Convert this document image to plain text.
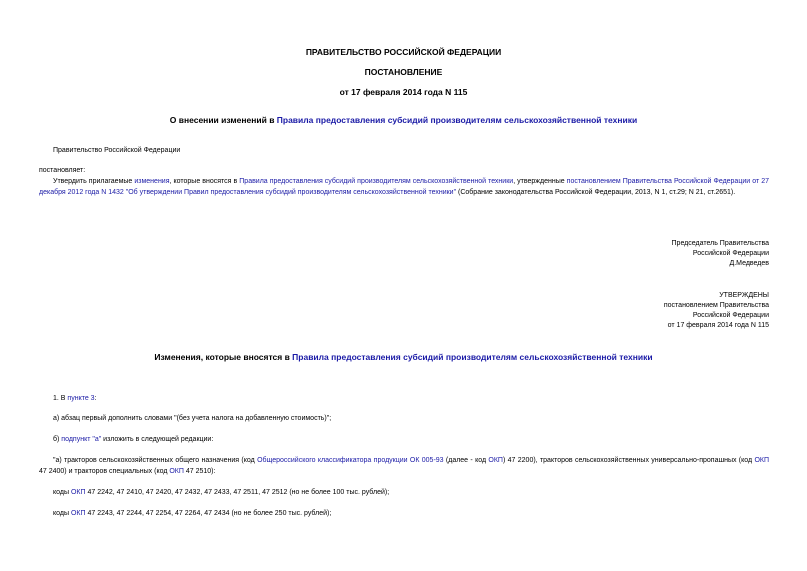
ПРАВИТЕЛЬСТВО РОССИЙСКОЙ ФЕДЕРАЦИИ
ПОСТАНОВЛЕНИЕ
от 17 февраля 2014 года N 115
О внесении изменений в Правила предоставления субсидий производителям сельскохозяйственной техники
Правительство Российской Федерации
постановляет:
Утвердить прилагаемые изменения, которые вносятся в Правила предоставления субсидий производителям сельскохозяйственной техники, утвержденные постановлением Правительства Российской Федерации от 27 декабря 2012 года N 1432 "Об утверждении Правил предоставления субсидий производителям сельскохозяйственной техники" (Собрание законодательства Российской Федерации, 2013, N 1, ст.29; N 21, ст.2651).
Председатель Правительства
Российской Федерации
Д.Медведев
УТВЕРЖДЕНЫ
постановлением Правительства
Российской Федерации
от 17 февраля 2014 года N 115
Изменения, которые вносятся в Правила предоставления субсидий производителям сельскохозяйственной техники
1. В пункте 3:
а) абзац первый дополнить словами "(без учета налога на добавленную стоимость)";
б) подпункт "а" изложить в следующей редакции:
"а) тракторов сельскохозяйственных общего назначения (код Общероссийского классификатора продукции ОК 005-93 (далее - код ОКП) 47 2200), тракторов сельскохозяйственных универсально-пропашных (код ОКП 47 2400) и тракторов специальных (код ОКП 47 2510):
коды ОКП 47 2242, 47 2410, 47 2420, 47 2432, 47 2433, 47 2511, 47 2512 (но не более 100 тыс. рублей);
коды ОКП 47 2243, 47 2244, 47 2254, 47 2264, 47 2434 (но не более 250 тыс. рублей);
